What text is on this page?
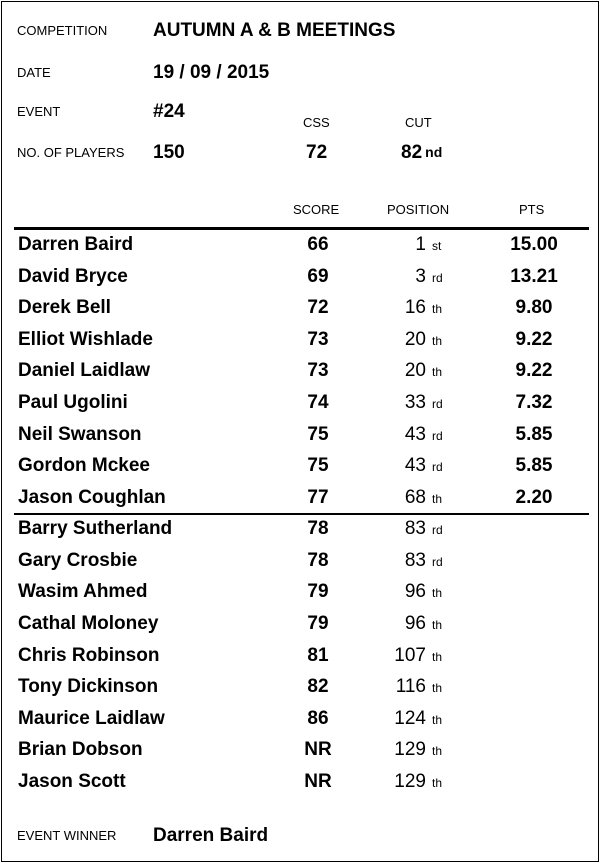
COMPETITION AUTUMN A & B MEETINGS
DATE	19 / 09 / 2015
EVENT	#24
CSS	CUT
NO. OF PLAYERS 150	72	82 nd
SCORE	POSITION	PTS
Darren Baird	66	1 st	15.00
David Bryce	69	3 rd	13.21
Derek Bell	72	16 th	9.80
Elliot Wishlade	73	20 th	9.22
Daniel Laidlaw	73	20 th	9.22
Paul Ugolini	74	33 rd	7.32
Neil Swanson	75	43 rd	5.85
Gordon Mckee	75	43 rd	5.85
Jason Coughlan	77	68 th	2.20
Barry Sutherland	78	83 rd
Gary Crosbie	78	83 rd
Wasim Ahmed	79	96 th
Cathal Moloney	79	96 th
Chris Robinson	81	107 th
Tony Dickinson	82	116 th
Maurice Laidlaw	86	124 th
Brian Dobson	NR	129 th
Jason Scott	NR	129 th
EVENT WINNER Darren Baird
